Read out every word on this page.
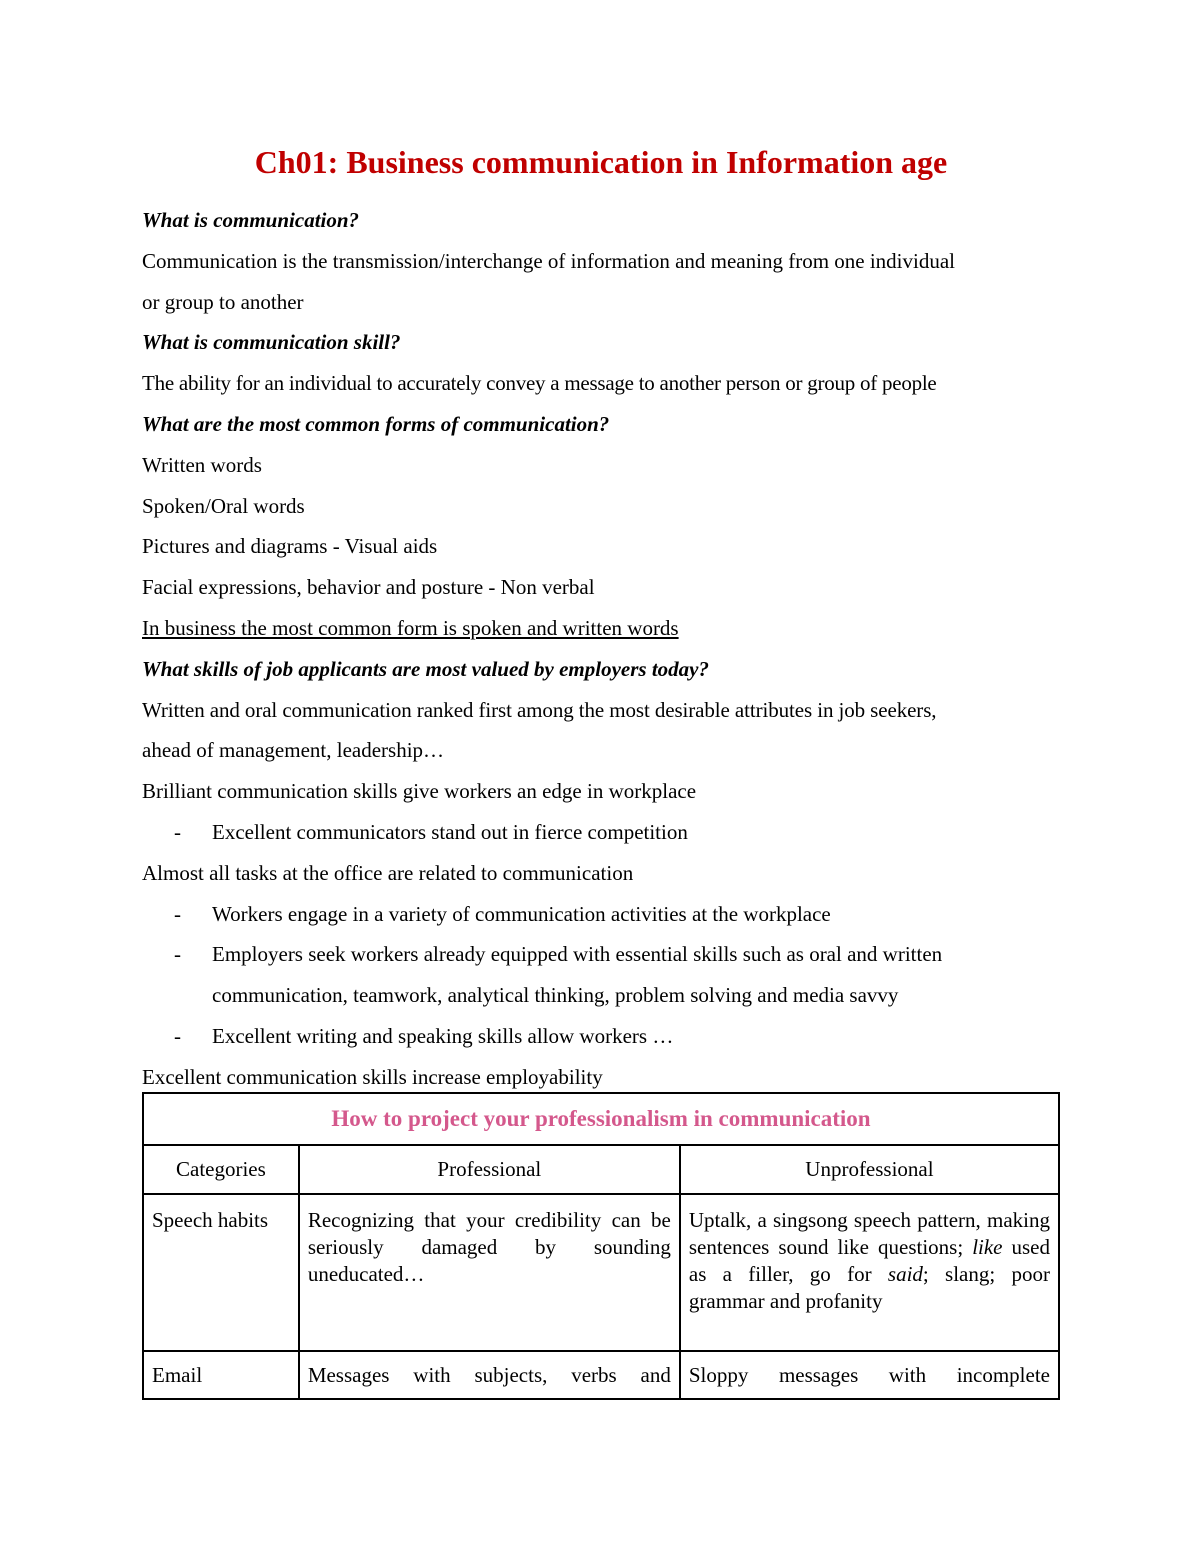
Ch01: Business communication in Information age

What is communication?

Communication is the transmission/interchange of information and meaning from one individual

or group to another

What is communication skill?

The ability for an individual to accurately convey a message to another person or group of people

What are the most common forms of communication?

Written words

Spoken/Oral words

Pictures and diagrams - Visual aids

Facial expressions, behavior and posture - Non verbal

In business the most common form is spoken and written words

What skills of job applicants are most valued by employers today?

Written and oral communication ranked first among the most desirable attributes in job seekers,

ahead of management, leadership…

Brilliant communication skills give workers an edge in workplace

- Excellent communicators stand out in fierce competition

Almost all tasks at the office are related to communication

- Workers engage in a variety of communication activities at the workplace

- Employers seek workers already equipped with essential skills such as oral and written

communication, teamwork, analytical thinking, problem solving and media savvy

- Excellent writing and speaking skills allow workers …

Excellent communication skills increase employability

How to project your professionalism in communication		
Categories	Professional	Unprofessional
Speech habits	Recognizing that your credibility can be seriously damaged by sounding uneducated…	Uptalk, a singsong speech pattern, making sentences sound like questions; like used as a filler, go for said; slang; poor grammar and profanity
Email	Messages with subjects, verbs and	Sloppy messages with incomplete
